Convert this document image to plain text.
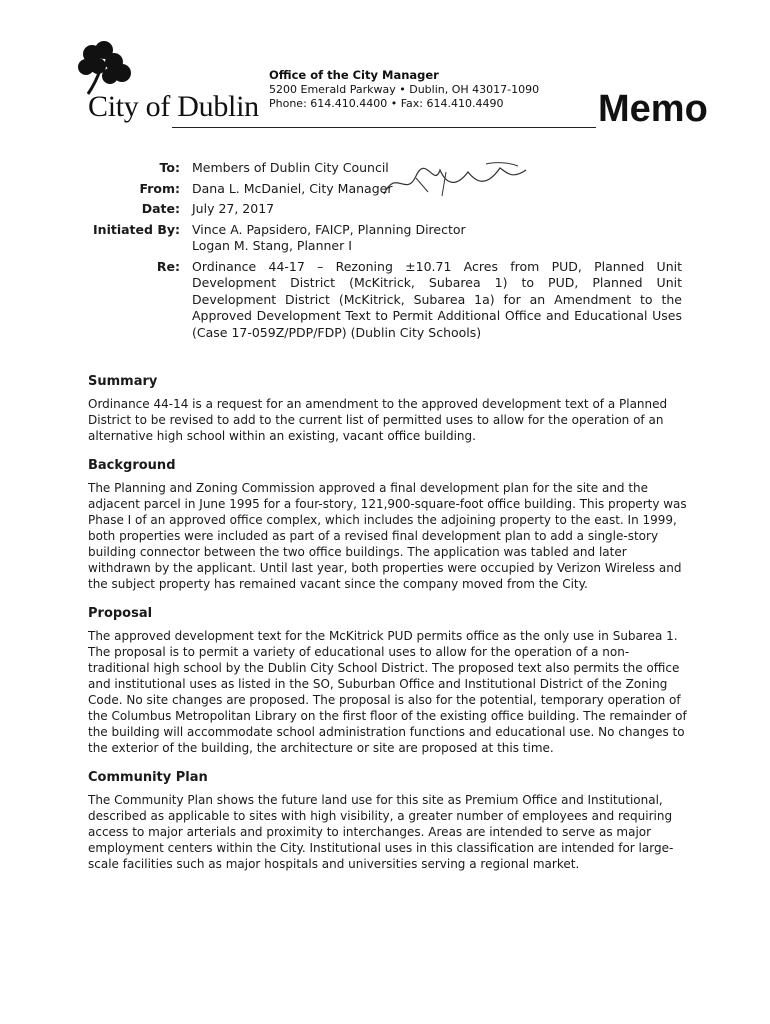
City of Dublin
Office of the City Manager
5200 Emerald Parkway • Dublin, OH 43017-1090
Phone: 614.410.4400 • Fax: 614.410.4490	Memo
To: Members of Dublin City Council
From: Dana L. McDaniel, City Manager
Date: July 27, 2017
Initiated By: Vince A. Papsidero, FAICP, Planning Director
Logan M. Stang, Planner I
Re: Ordinance 44-17 – Rezoning ±10.71 Acres from PUD, Planned Unit Development District (McKitrick, Subarea 1) to PUD, Planned Unit Development District (McKitrick, Subarea 1a) for an Amendment to the Approved Development Text to Permit Additional Office and Educational Uses (Case 17-059Z/PDP/FDP) (Dublin City Schools)

Summary

Ordinance 44-14 is a request for an amendment to the approved development text of a Planned District to be revised to add to the current list of permitted uses to allow for the operation of an alternative high school within an existing, vacant office building.

Background

The Planning and Zoning Commission approved a final development plan for the site and the adjacent parcel in June 1995 for a four-story, 121,900-square-foot office building. This property was Phase I of an approved office complex, which includes the adjoining property to the east. In 1999, both properties were included as part of a revised final development plan to add a single-story building connector between the two office buildings. The application was tabled and later withdrawn by the applicant. Until last year, both properties were occupied by Verizon Wireless and the subject property has remained vacant since the company moved from the City.

Proposal

The approved development text for the McKitrick PUD permits office as the only use in Subarea 1. The proposal is to permit a variety of educational uses to allow for the operation of a non-traditional high school by the Dublin City School District. The proposed text also permits the office and institutional uses as listed in the SO, Suburban Office and Institutional District of the Zoning Code. No site changes are proposed. The proposal is also for the potential, temporary operation of the Columbus Metropolitan Library on the first floor of the existing office building. The remainder of the building will accommodate school administration functions and educational use. No changes to the exterior of the building, the architecture or site are proposed at this time.

Community Plan

The Community Plan shows the future land use for this site as Premium Office and Institutional, described as applicable to sites with high visibility, a greater number of employees and requiring access to major arterials and proximity to interchanges. Areas are intended to serve as major employment centers within the City. Institutional uses in this classification are intended for large-scale facilities such as major hospitals and universities serving a regional market.
